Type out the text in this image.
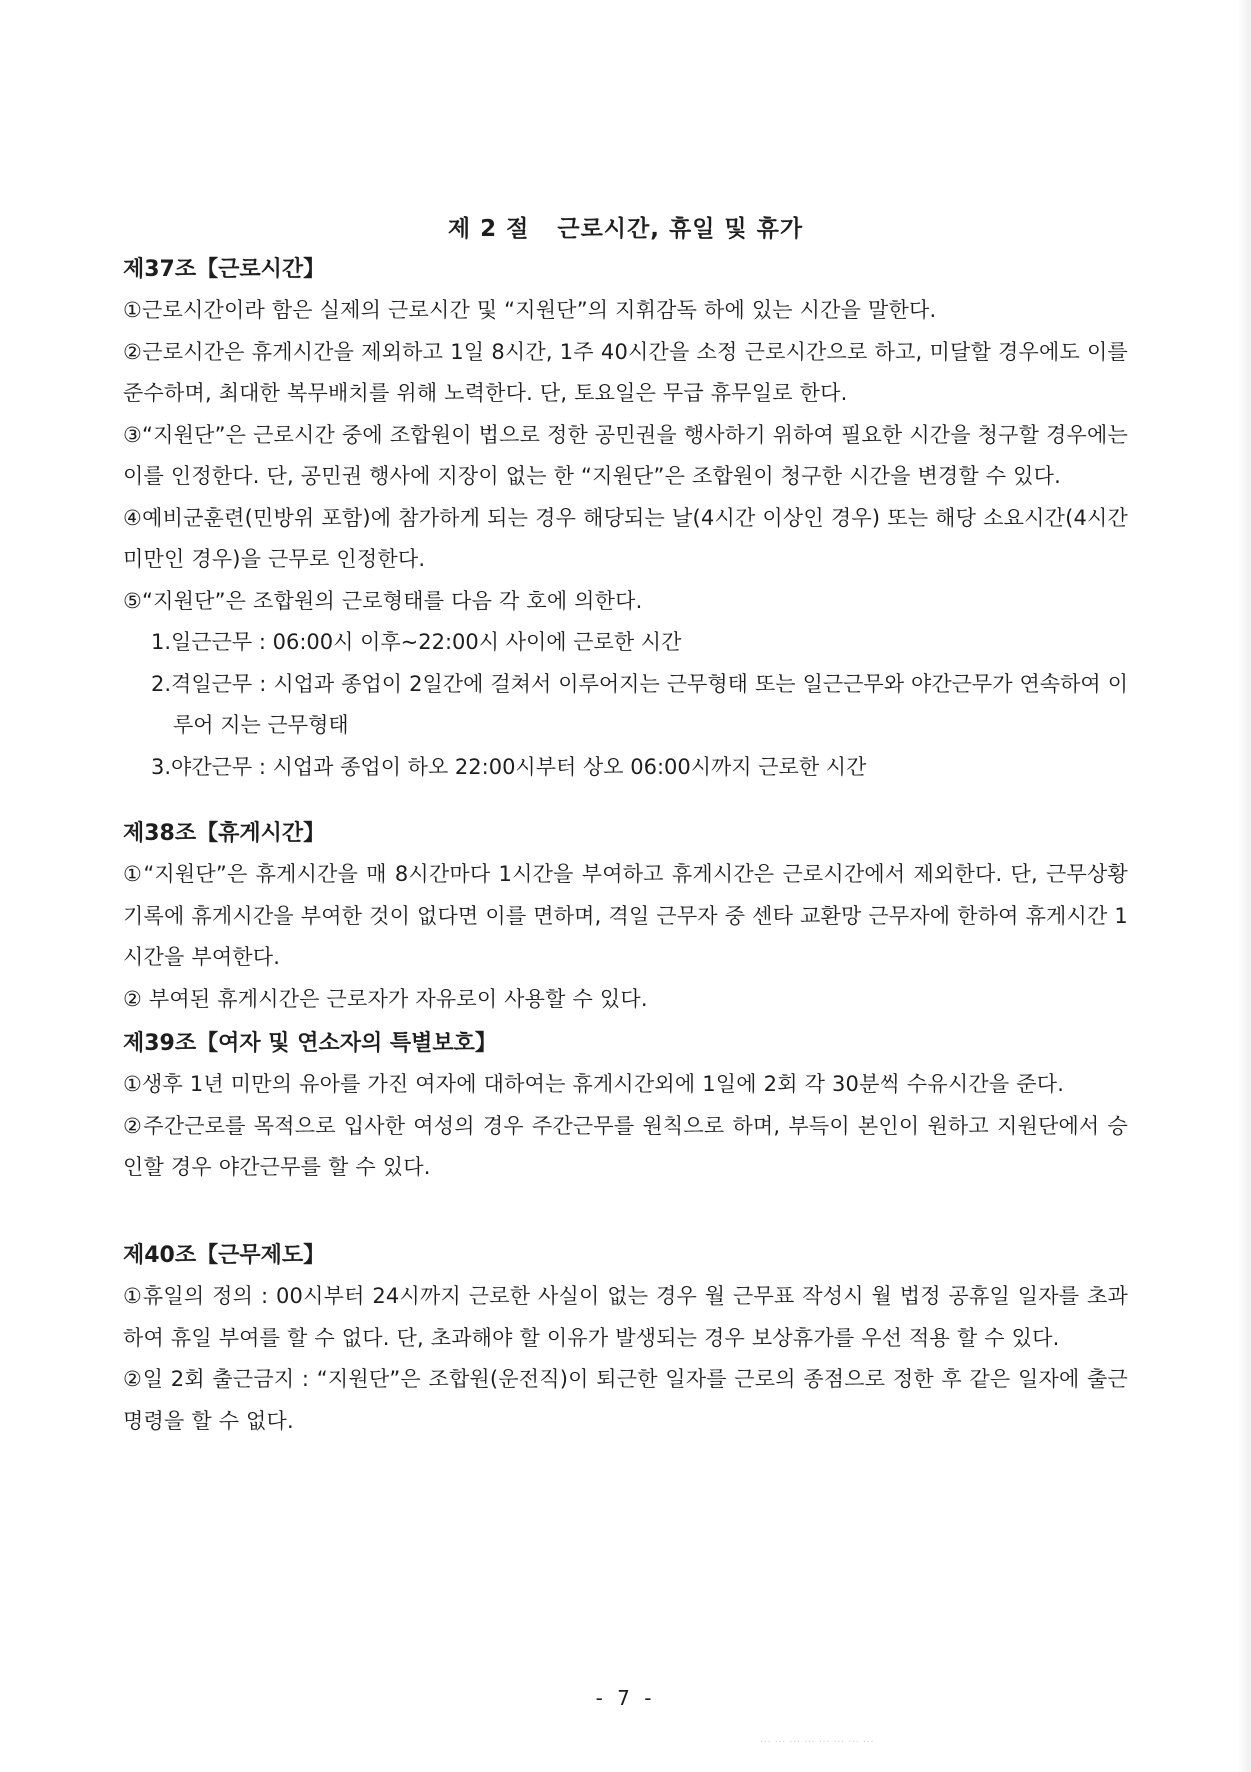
제 2 절 근로시간, 휴일 및 휴가
제37조【근로시간】
①근로시간이라 함은 실제의 근로시간 및 “지원단”의 지휘감독 하에 있는 시간을 말한다.
②근로시간은 휴게시간을 제외하고 1일 8시간, 1주 40시간을 소정 근로시간으로 하고, 미달할 경우에도 이를 준수하며, 최대한 복무배치를 위해 노력한다. 단, 토요일은 무급 휴무일로 한다.
③“지원단”은 근로시간 중에 조합원이 법으로 정한 공민권을 행사하기 위하여 필요한 시간을 청구할 경우에는 이를 인정한다. 단, 공민권 행사에 지장이 없는 한 “지원단”은 조합원이 청구한 시간을 변경할 수 있다.
④예비군훈련(민방위 포함)에 참가하게 되는 경우 해당되는 날(4시간 이상인 경우) 또는 해당 소요시간(4시간 미만인 경우)을 근무로 인정한다.
⑤“지원단”은 조합원의 근로형태를 다음 각 호에 의한다.
1.일근근무 : 06:00시 이후~22:00시 사이에 근로한 시간
2.격일근무 : 시업과 종업이 2일간에 걸쳐서 이루어지는 근무형태 또는 일근근무와 야간근무가 연속하여 이루어 지는 근무형태
3.야간근무 : 시업과 종업이 하오 22:00시부터 상오 06:00시까지 근로한 시간
제38조【휴게시간】
①“지원단”은 휴게시간을 매 8시간마다 1시간을 부여하고 휴게시간은 근로시간에서 제외한다. 단, 근무상황기록에 휴게시간을 부여한 것이 없다면 이를 면하며, 격일 근무자 중 센타 교환망 근무자에 한하여 휴게시간 1시간을 부여한다.
② 부여된 휴게시간은 근로자가 자유로이 사용할 수 있다.
제39조【여자 및 연소자의 특별보호】
①생후 1년 미만의 유아를 가진 여자에 대하여는 휴게시간외에 1일에 2회 각 30분씩 수유시간을 준다.
②주간근로를 목적으로 입사한 여성의 경우 주간근무를 원칙으로 하며, 부득이 본인이 원하고 지원단에서 승인할 경우 야간근무를 할 수 있다.
제40조【근무제도】
①휴일의 정의 : 00시부터 24시까지 근로한 사실이 없는 경우 월 근무표 작성시 월 법정 공휴일 일자를 초과하여 휴일 부여를 할 수 없다. 단, 초과해야 할 이유가 발생되는 경우 보상휴가를 우선 적용 할 수 있다.
②일 2회 출근금지 : “지원단”은 조합원(운전직)이 퇴근한 일자를 근로의 종점으로 정한 후 같은 일자에 출근명령을 할 수 없다.
- 7 -
··· ··· ··· ··· ··· ··· ··· ···
